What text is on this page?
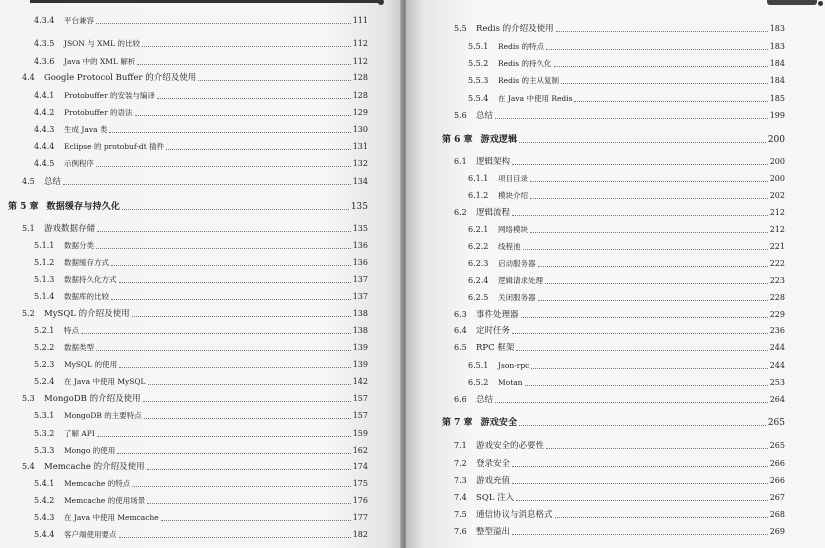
4.3.4	平台兼容	111
4.3.5	JSON 与 XML 的比较	112
4.3.6	Java 中的 XML 解析	112
4.4	Google Protocol Buffer 的介绍及使用	128
4.4.1	Protobuffer 的安装与编译	128
4.4.2	Protobuffer 的语法	129
4.4.3	生成 Java 类	130
4.4.4	Eclipse 的 protobuf-dt 插件	131
4.4.5	示例程序	132
4.5	总结	134
第 5 章 数据缓存与持久化	135
5.1	游戏数据存储	135
5.1.1	数据分类	136
5.1.2	数据缓存方式	136
5.1.3	数据持久化方式	137
5.1.4	数据库的比较	137
5.2	MySQL 的介绍及使用	138
5.2.1	特点	138
5.2.2	数据类型	139
5.2.3	MySQL 的使用	139
5.2.4	在 Java 中使用 MySQL	142
5.3	MongoDB 的介绍及使用	157
5.3.1	MongoDB 的主要特点	157
5.3.2	了解 API	159
5.3.3	Mongo 的使用	162
5.4	Memcache 的介绍及使用	174
5.4.1	Memcache 的特点	175
5.4.2	Memcache 的使用场景	176
5.4.3	在 Java 中使用 Memcache	177
5.4.4	客户端使用要点	182
5.5	Redis 的介绍及使用	183
5.5.1	Redis 的特点	183
5.5.2	Redis 的持久化	184
5.5.3	Redis 的主从复制	184
5.5.4	在 Java 中使用 Redis	185
5.6	总结	199
第 6 章 游戏逻辑	200
6.1	逻辑架构	200
6.1.1	项目目录	200
6.1.2	模块介绍	202
6.2	逻辑流程	212
6.2.1	网络模块	212
6.2.2	线程池	221
6.2.3	启动服务器	222
6.2.4	逻辑请求处理	223
6.2.5	关闭服务器	228
6.3	事件处理器	229
6.4	定时任务	236
6.5	RPC 框架	244
6.5.1	Json-rpc	244
6.5.2	Motan	253
6.6	总结	264
第 7 章 游戏安全	265
7.1	游戏安全的必要性	265
7.2	登录安全	266
7.3	游戏充值	266
7.4	SQL 注入	267
7.5	通信协议与消息格式	268
7.6	整型溢出	269
